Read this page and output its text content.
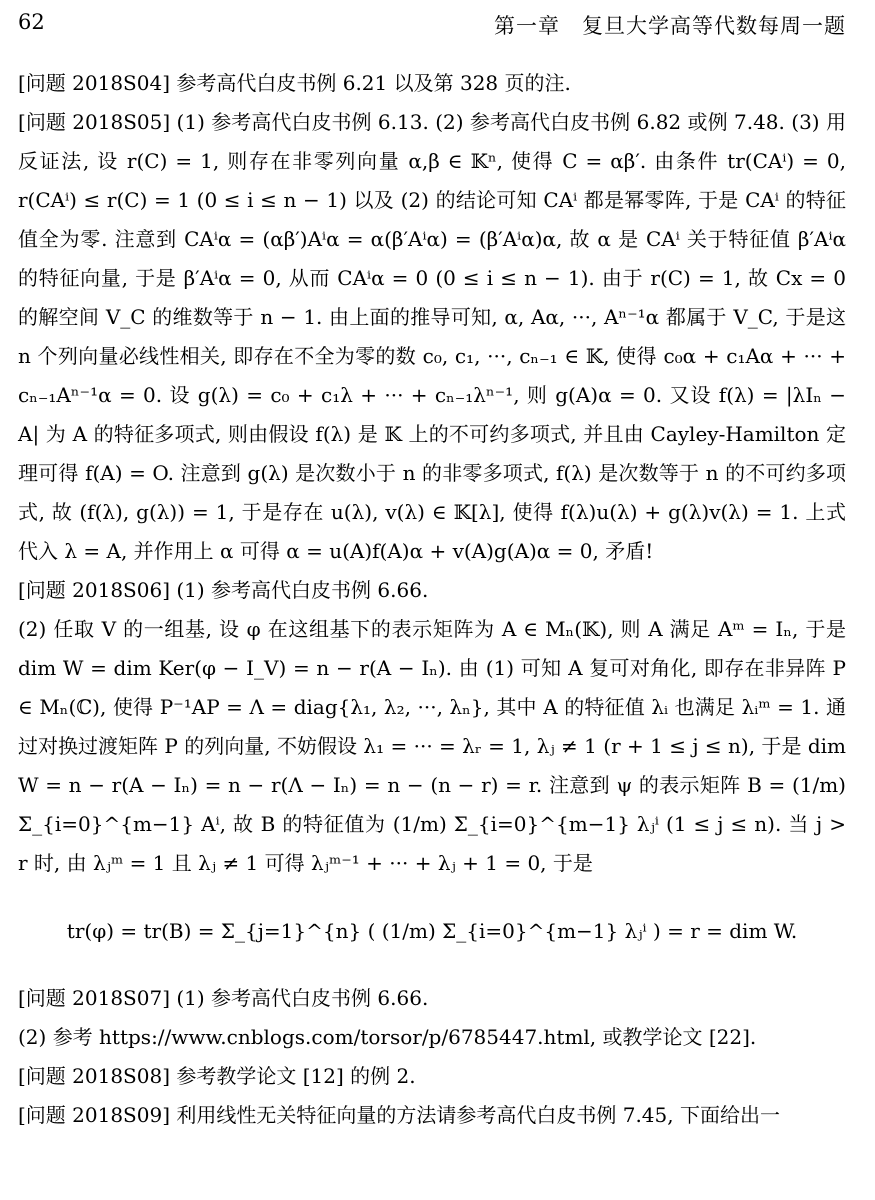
62	第一章　复旦大学高等代数每周一题

[问题 2018S04] 参考高代白皮书例 6.21 以及第 328 页的注.

[问题 2018S05] (1) 参考高代白皮书例 6.13. (2) 参考高代白皮书例 6.82 或例 7.48. (3) 用反证法, 设 r(C) = 1, 则存在非零列向量 α,β ∈ 𝕂ⁿ, 使得 C = αβ′. 由条件 tr(CAⁱ) = 0, r(CAⁱ) ≤ r(C) = 1 (0 ≤ i ≤ n − 1) 以及 (2) 的结论可知 CAⁱ 都是幂零阵, 于是 CAⁱ 的特征值全为零. 注意到 CAⁱα = (αβ′)Aⁱα = α(β′Aⁱα) = (β′Aⁱα)α, 故 α 是 CAⁱ 关于特征值 β′Aⁱα 的特征向量, 于是 β′Aⁱα = 0, 从而 CAⁱα = 0 (0 ≤ i ≤ n − 1). 由于 r(C) = 1, 故 Cx = 0 的解空间 V_C 的维数等于 n − 1. 由上面的推导可知, α, Aα, ···, Aⁿ⁻¹α 都属于 V_C, 于是这 n 个列向量必线性相关, 即存在不全为零的数 c₀, c₁, ···, cₙ₋₁ ∈ 𝕂, 使得 c₀α + c₁Aα + ··· + cₙ₋₁Aⁿ⁻¹α = 0. 设 g(λ) = c₀ + c₁λ + ··· + cₙ₋₁λⁿ⁻¹, 则 g(A)α = 0. 又设 f(λ) = |λIₙ − A| 为 A 的特征多项式, 则由假设 f(λ) 是 𝕂 上的不可约多项式, 并且由 Cayley-Hamilton 定理可得 f(A) = O. 注意到 g(λ) 是次数小于 n 的非零多项式, f(λ) 是次数等于 n 的不可约多项式, 故 (f(λ), g(λ)) = 1, 于是存在 u(λ), v(λ) ∈ 𝕂[λ], 使得 f(λ)u(λ) + g(λ)v(λ) = 1. 上式代入 λ = A, 并作用上 α 可得 α = u(A)f(A)α + v(A)g(A)α = 0, 矛盾!

[问题 2018S06] (1) 参考高代白皮书例 6.66.

(2) 任取 V 的一组基, 设 φ 在这组基下的表示矩阵为 A ∈ Mₙ(𝕂), 则 A 满足 Aᵐ = Iₙ, 于是 dim W = dim Ker(φ − I_V) = n − r(A − Iₙ). 由 (1) 可知 A 复可对角化, 即存在非异阵 P ∈ Mₙ(ℂ), 使得 P⁻¹AP = Λ = diag{λ₁, λ₂, ···, λₙ}, 其中 A 的特征值 λᵢ 也满足 λᵢᵐ = 1. 通过对换过渡矩阵 P 的列向量, 不妨假设 λ₁ = ··· = λᵣ = 1, λⱼ ≠ 1 (r + 1 ≤ j ≤ n), 于是 dim W = n − r(A − Iₙ) = n − r(Λ − Iₙ) = n − (n − r) = r. 注意到 ψ 的表示矩阵 B = (1/m) Σ_{i=0}^{m−1} Aⁱ, 故 B 的特征值为 (1/m) Σ_{i=0}^{m−1} λⱼⁱ (1 ≤ j ≤ n). 当 j > r 时, 由 λⱼᵐ = 1 且 λⱼ ≠ 1 可得 λⱼᵐ⁻¹ + ··· + λⱼ + 1 = 0, 于是

tr(φ) = tr(B) = Σ_{j=1}^{n} ( (1/m) Σ_{i=0}^{m−1} λⱼⁱ ) = r = dim W.

[问题 2018S07] (1) 参考高代白皮书例 6.66.

(2) 参考 https://www.cnblogs.com/torsor/p/6785447.html, 或教学论文 [22].

[问题 2018S08] 参考教学论文 [12] 的例 2.

[问题 2018S09] 利用线性无关特征向量的方法请参考高代白皮书例 7.45, 下面给出一
